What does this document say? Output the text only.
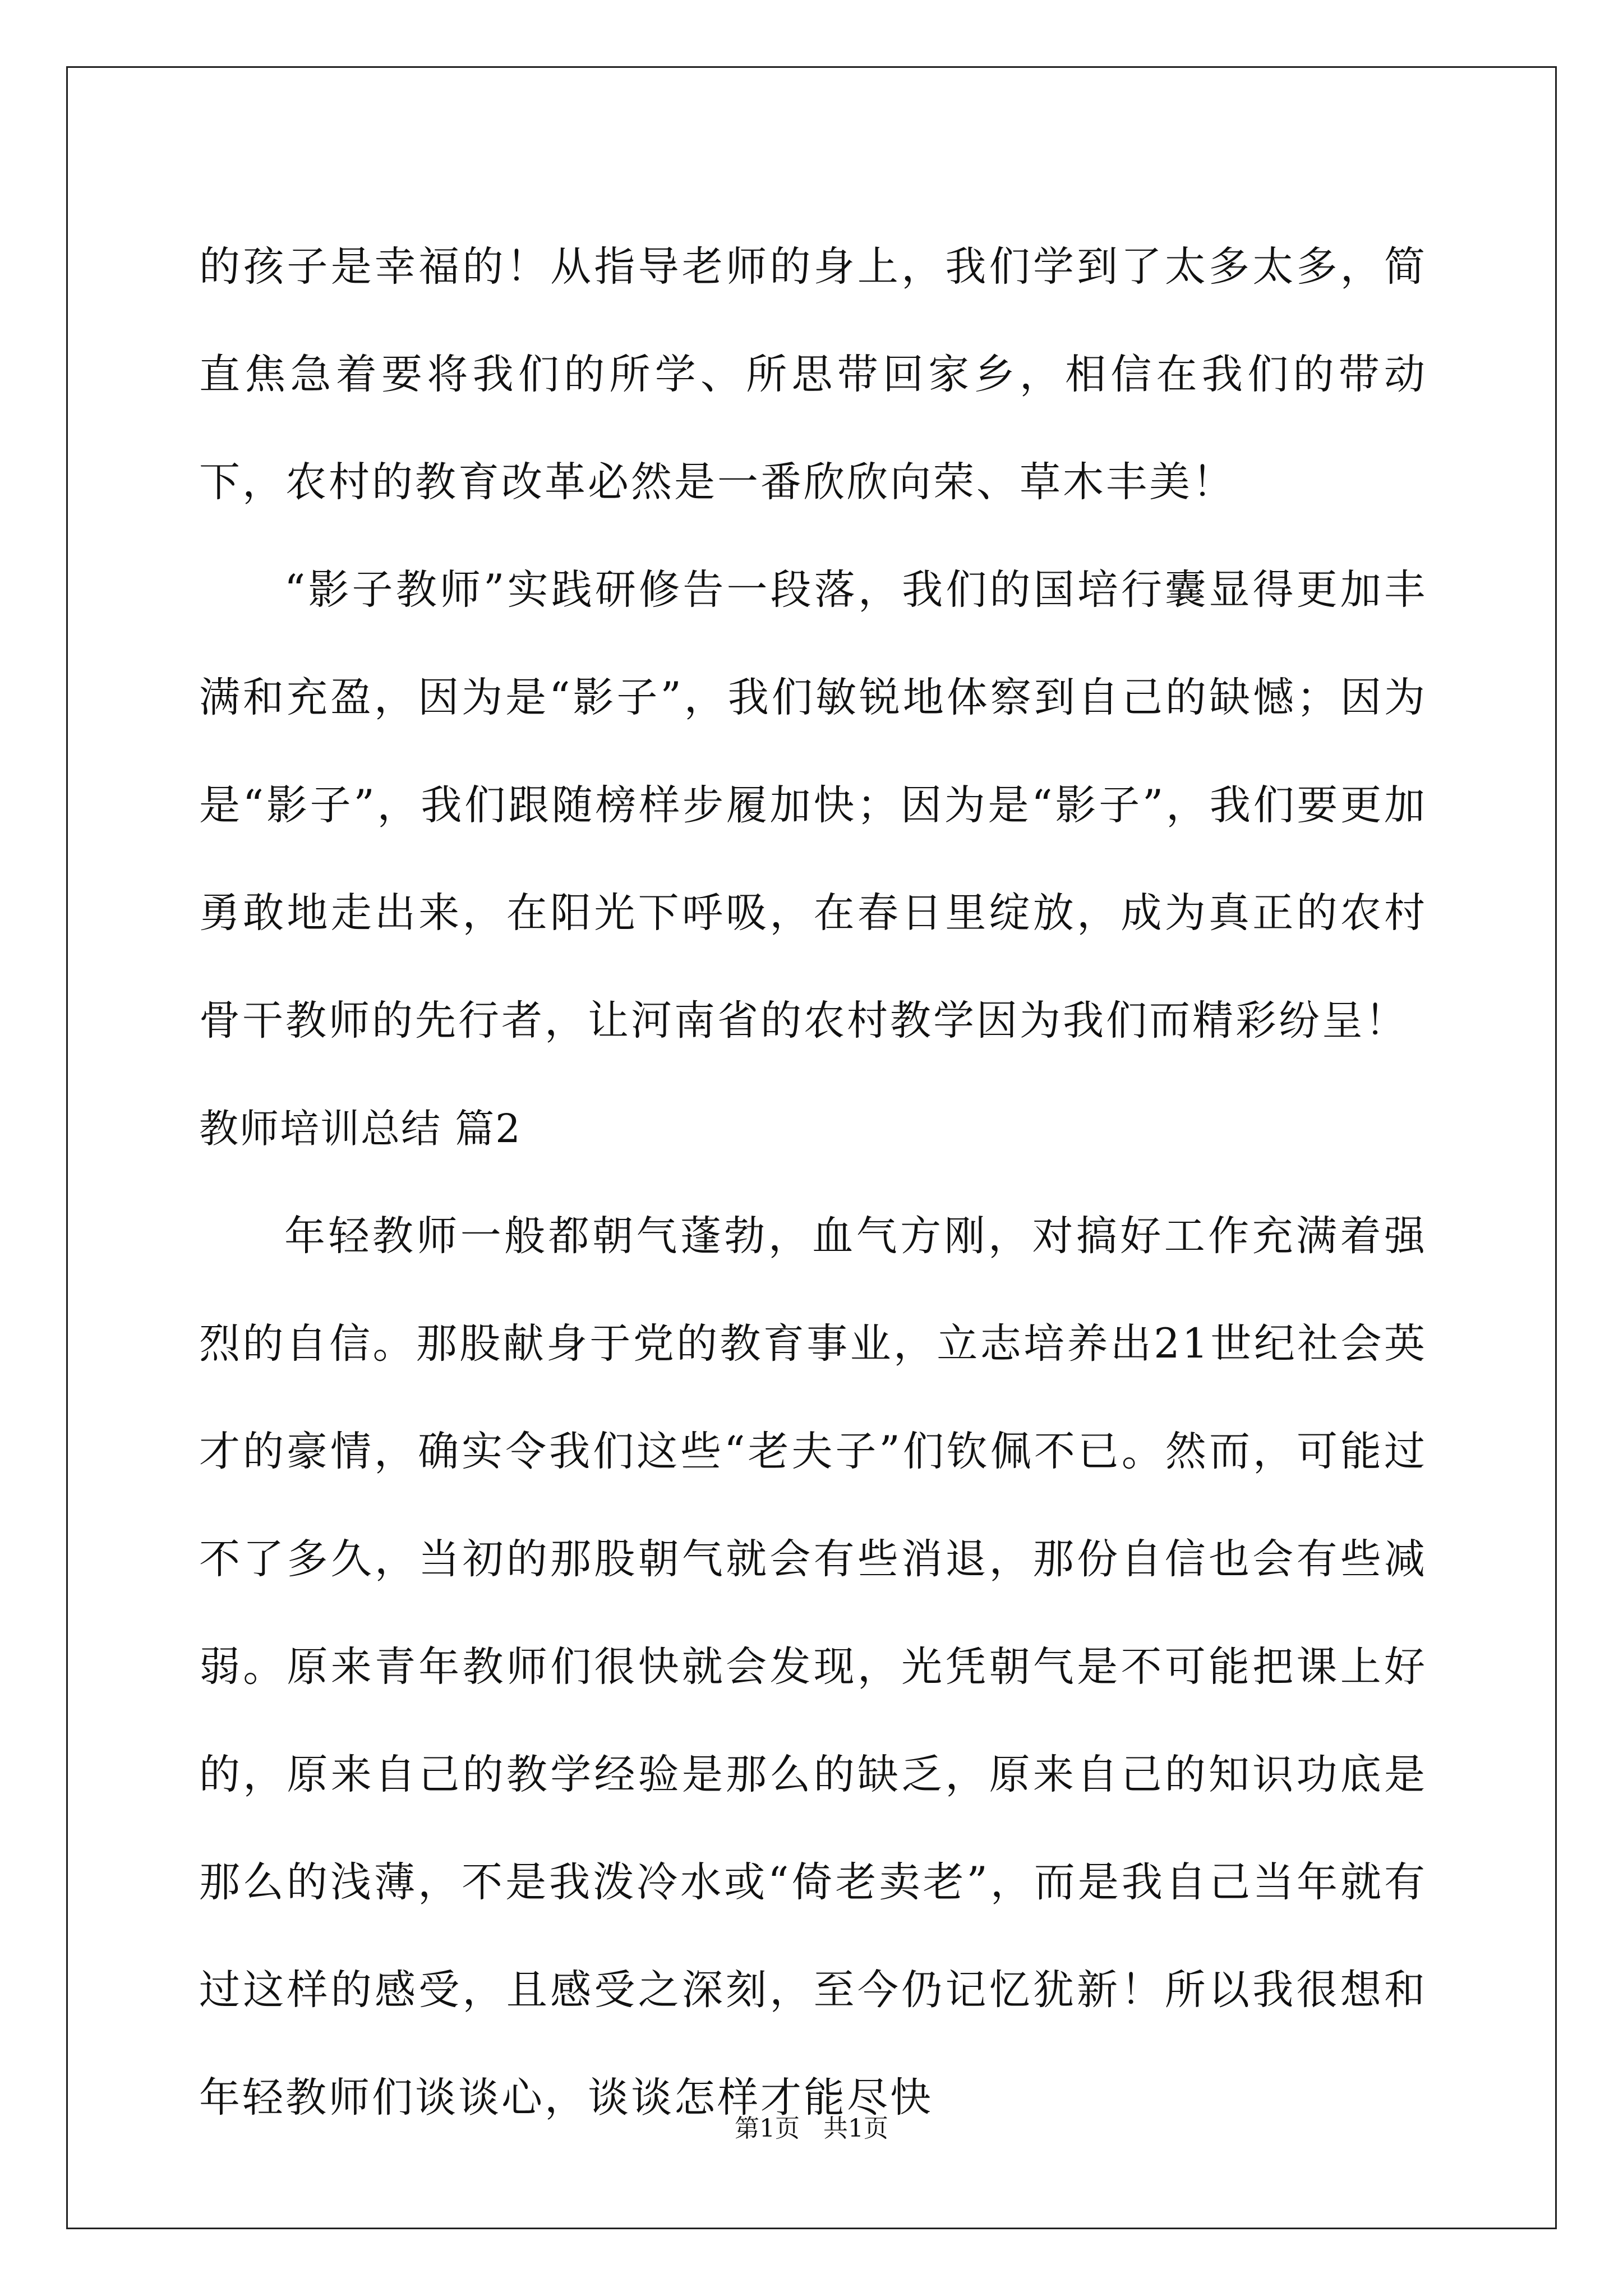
的孩子是幸福的！从指导老师的身上，我们学到了太多太多，简直焦急着要将我们的所学、所思带回家乡，相信在我们的带动下，农村的教育改革必然是一番欣欣向荣、草木丰美！

“影子教师”实践研修告一段落，我们的国培行囊显得更加丰满和充盈，因为是“影子”，我们敏锐地体察到自己的缺憾；因为是“影子”，我们跟随榜样步履加快；因为是“影子”，我们要更加勇敢地走出来，在阳光下呼吸，在春日里绽放，成为真正的农村骨干教师的先行者，让河南省的农村教学因为我们而精彩纷呈！

教师培训总结 篇2

年轻教师一般都朝气蓬勃，血气方刚，对搞好工作充满着强烈的自信。那股献身于党的教育事业，立志培养出21世纪社会英才的豪情，确实令我们这些“老夫子”们钦佩不已。然而，可能过不了多久，当初的那股朝气就会有些消退，那份自信也会有些减弱。原来青年教师们很快就会发现，光凭朝气是不可能把课上好的，原来自己的教学经验是那么的缺乏，原来自己的知识功底是那么的浅薄，不是我泼冷水或“倚老卖老”，而是我自己当年就有过这样的感受，且感受之深刻，至今仍记忆犹新！所以我很想和年轻教师们谈谈心，谈谈怎样才能尽快

第1页 共1页
